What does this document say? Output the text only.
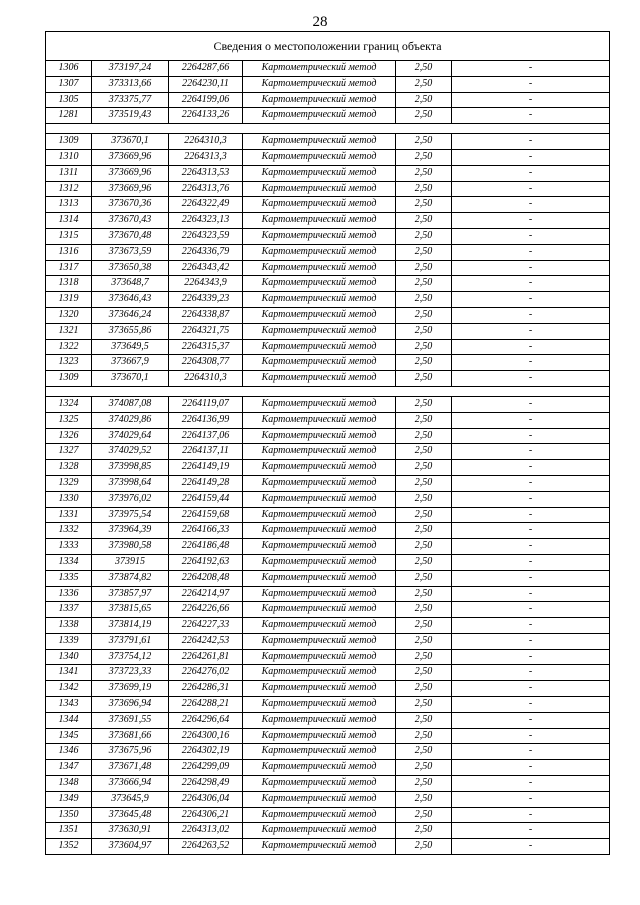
28
Сведения о местоположении границ объекта					
1306	373197,24	2264287,66	Картометрический метод	2,50	-
1307	373313,66	2264230,11	Картометрический метод	2,50	-
1305	373375,77	2264199,06	Картометрический метод	2,50	-
1281	373519,43	2264133,26	Картометрический метод	2,50	-

1309	373670,1	2264310,3	Картометрический метод	2,50	-
1310	373669,96	2264313,3	Картометрический метод	2,50	-
1311	373669,96	2264313,53	Картометрический метод	2,50	-
1312	373669,96	2264313,76	Картометрический метод	2,50	-
1313	373670,36	2264322,49	Картометрический метод	2,50	-
1314	373670,43	2264323,13	Картометрический метод	2,50	-
1315	373670,48	2264323,59	Картометрический метод	2,50	-
1316	373673,59	2264336,79	Картометрический метод	2,50	-
1317	373650,38	2264343,42	Картометрический метод	2,50	-
1318	373648,7	2264343,9	Картометрический метод	2,50	-
1319	373646,43	2264339,23	Картометрический метод	2,50	-
1320	373646,24	2264338,87	Картометрический метод	2,50	-
1321	373655,86	2264321,75	Картометрический метод	2,50	-
1322	373649,5	2264315,37	Картометрический метод	2,50	-
1323	373667,9	2264308,77	Картометрический метод	2,50	-
1309	373670,1	2264310,3	Картометрический метод	2,50	-

1324	374087,08	2264119,07	Картометрический метод	2,50	-
1325	374029,86	2264136,99	Картометрический метод	2,50	-
1326	374029,64	2264137,06	Картометрический метод	2,50	-
1327	374029,52	2264137,11	Картометрический метод	2,50	-
1328	373998,85	2264149,19	Картометрический метод	2,50	-
1329	373998,64	2264149,28	Картометрический метод	2,50	-
1330	373976,02	2264159,44	Картометрический метод	2,50	-
1331	373975,54	2264159,68	Картометрический метод	2,50	-
1332	373964,39	2264166,33	Картометрический метод	2,50	-
1333	373980,58	2264186,48	Картометрический метод	2,50	-
1334	373915	2264192,63	Картометрический метод	2,50	-
1335	373874,82	2264208,48	Картометрический метод	2,50	-
1336	373857,97	2264214,97	Картометрический метод	2,50	-
1337	373815,65	2264226,66	Картометрический метод	2,50	-
1338	373814,19	2264227,33	Картометрический метод	2,50	-
1339	373791,61	2264242,53	Картометрический метод	2,50	-
1340	373754,12	2264261,81	Картометрический метод	2,50	-
1341	373723,33	2264276,02	Картометрический метод	2,50	-
1342	373699,19	2264286,31	Картометрический метод	2,50	-
1343	373696,94	2264288,21	Картометрический метод	2,50	-
1344	373691,55	2264296,64	Картометрический метод	2,50	-
1345	373681,66	2264300,16	Картометрический метод	2,50	-
1346	373675,96	2264302,19	Картометрический метод	2,50	-
1347	373671,48	2264299,09	Картометрический метод	2,50	-
1348	373666,94	2264298,49	Картометрический метод	2,50	-
1349	373645,9	2264306,04	Картометрический метод	2,50	-
1350	373645,48	2264306,21	Картометрический метод	2,50	-
1351	373630,91	2264313,02	Картометрический метод	2,50	-
1352	373604,97	2264263,52	Картометрический метод	2,50	-
